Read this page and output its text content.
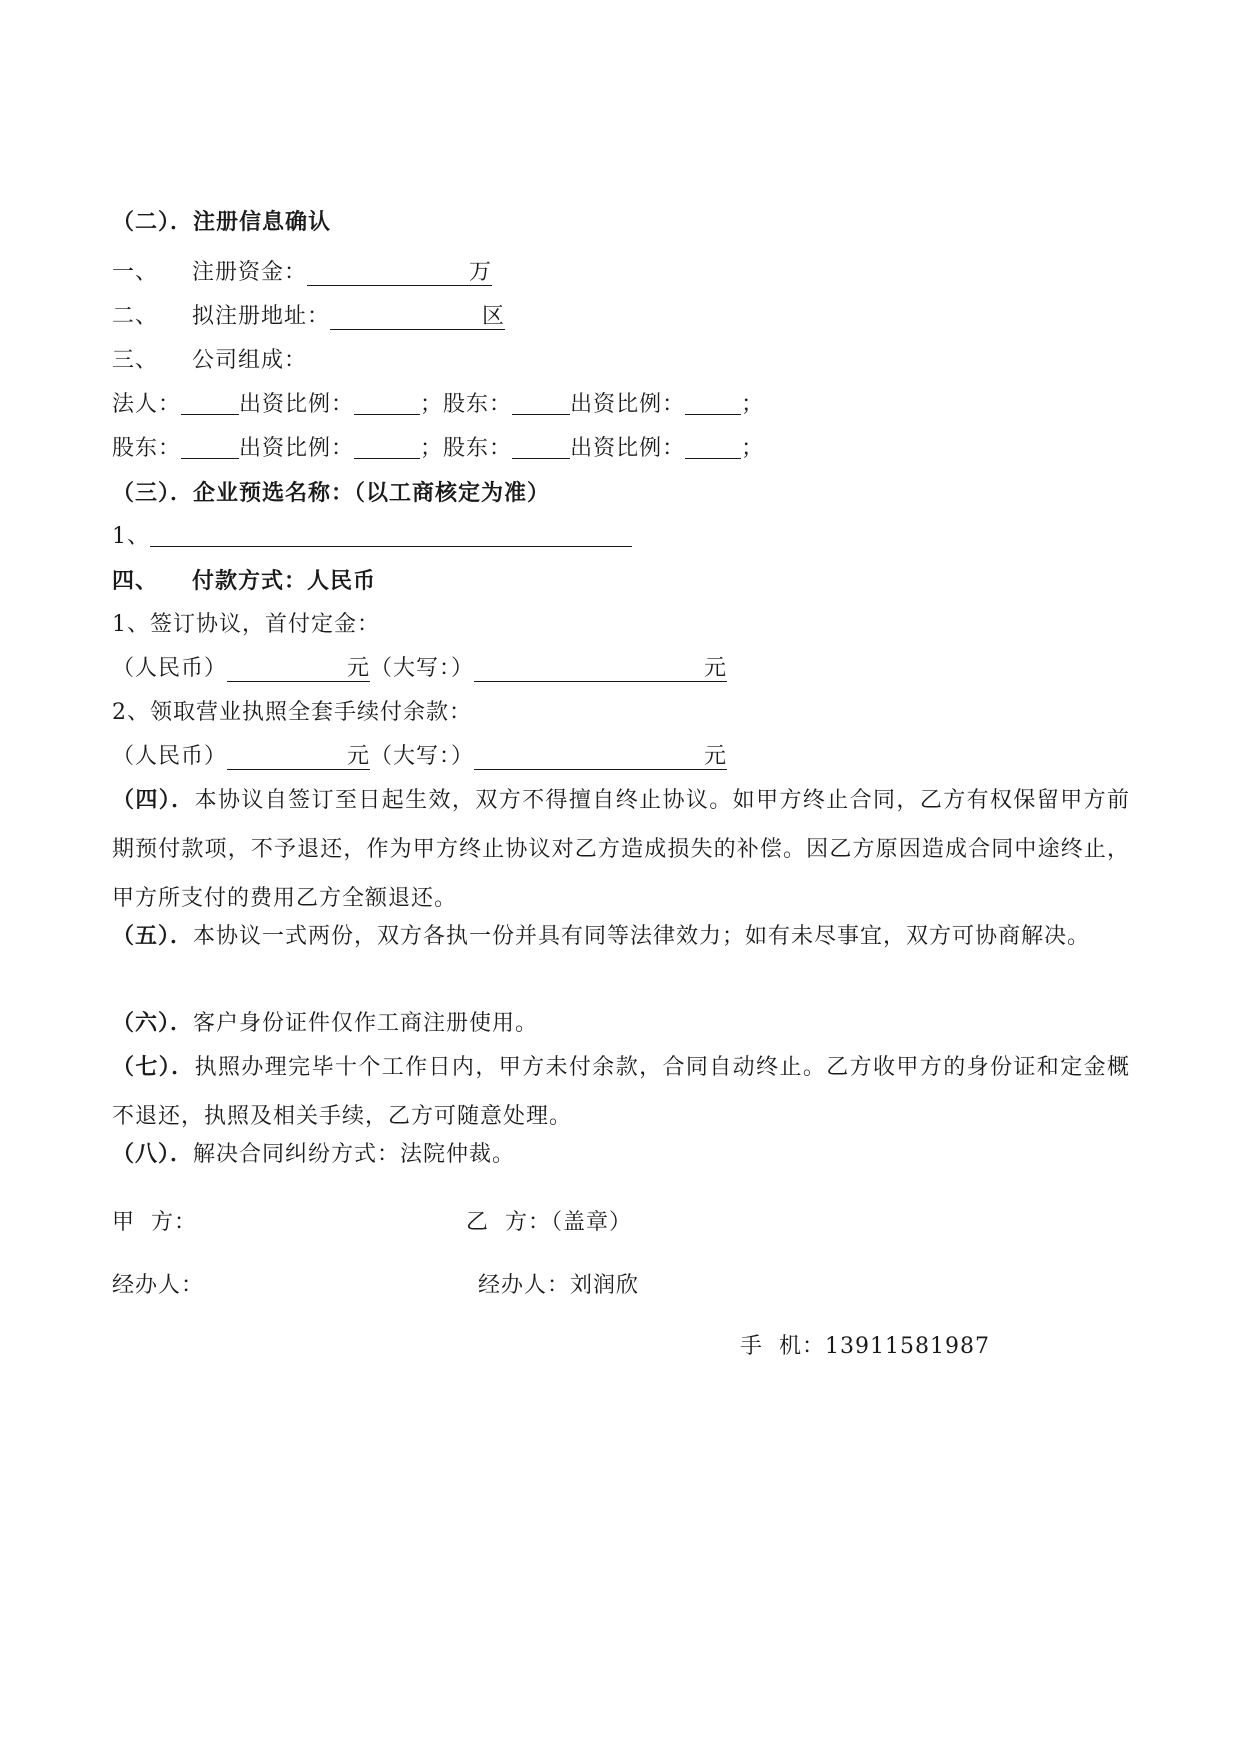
（二）．注册信息确认
一、 注册资金：	万
二、 拟注册地址：	区
三、 公司组成：
法人：	出资比例：	；股东：	出资比例：	；
股东：	出资比例：	；股东：	出资比例：	；
（三）．企业预选名称：（以工商核定为准）
1、
四、 付款方式：人民币
1、签订协议，首付定金：
（人民币）	元（大写：）	元
2、领取营业执照全套手续付余款：
（人民币）	元（大写：）	元
（四）．本协议自签订至日起生效，双方不得擅自终止协议。如甲方终止合同，乙方有权保留甲方前期预付款项，不予退还，作为甲方终止协议对乙方造成损失的补偿。因乙方原因造成合同中途终止，甲方所支付的费用乙方全额退还。
（五）．本协议一式两份，双方各执一份并具有同等法律效力；如有未尽事宜，双方可协商解决。
（六）．客户身份证件仅作工商注册使用。
（七）．执照办理完毕十个工作日内，甲方未付余款，合同自动终止。乙方收甲方的身份证和定金概不退还，执照及相关手续，乙方可随意处理。
（八）．解决合同纠纷方式：法院仲裁。
甲  方：	乙  方：（盖章）
经办人：	经办人：刘润欣
手  机：13911581987
